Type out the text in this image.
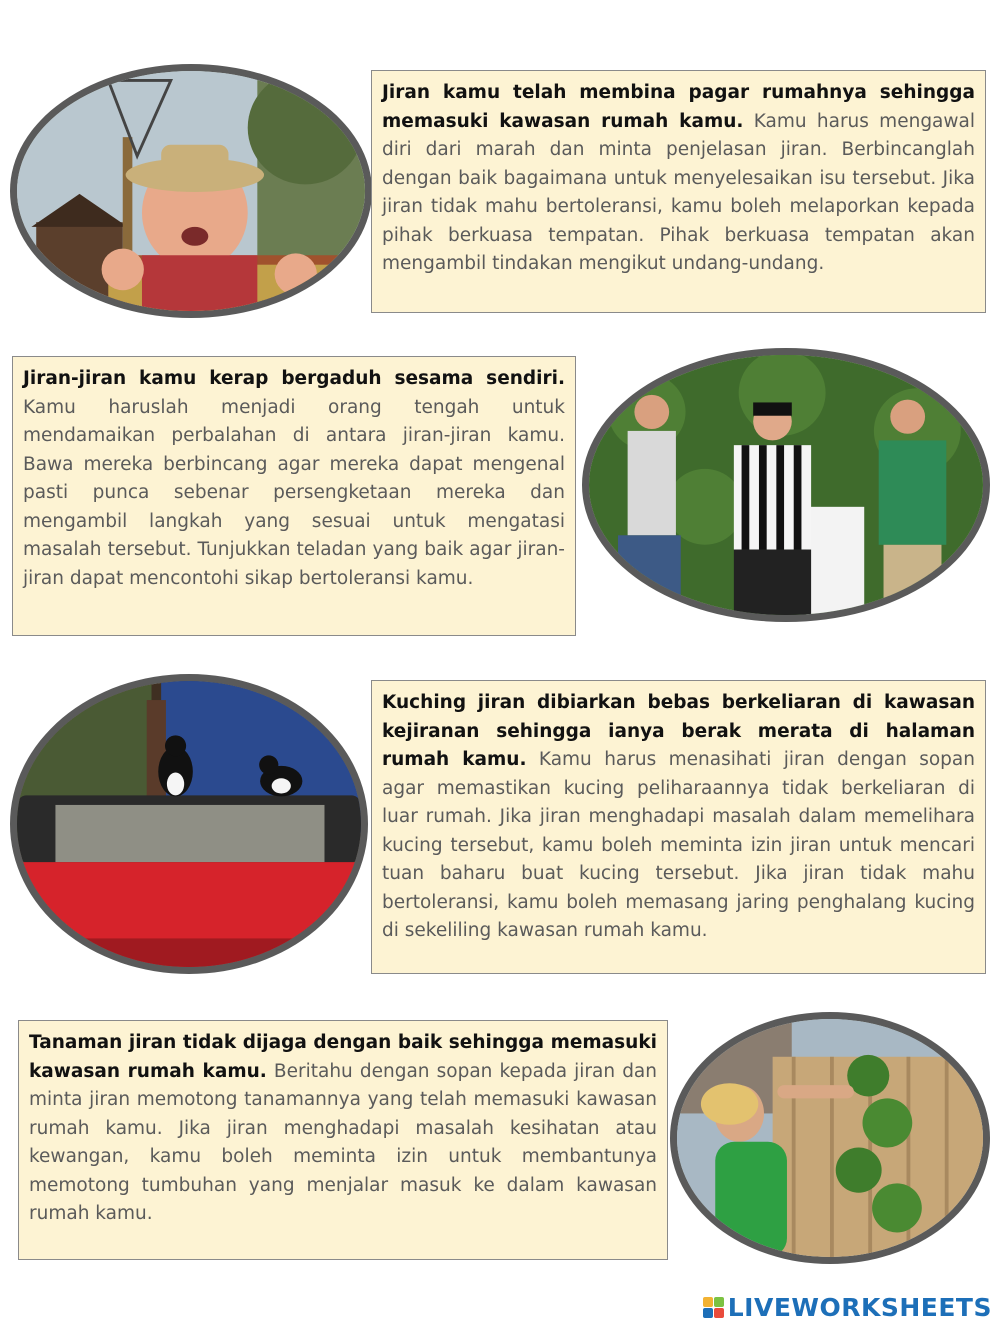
Jiran kamu telah membina pagar rumahnya sehingga memasuki kawasan rumah kamu. Kamu harus mengawal diri dari marah dan minta penjelasan jiran. Berbincanglah dengan baik bagaimana untuk menyelesaikan isu tersebut. Jika jiran tidak mahu bertoleransi, kamu boleh melaporkan kepada pihak berkuasa tempatan. Pihak berkuasa tempatan akan mengambil tindakan mengikut undang-undang.
Jiran-jiran kamu kerap bergaduh sesama sendiri. Kamu haruslah menjadi orang tengah untuk mendamaikan perbalahan di antara jiran-jiran kamu. Bawa mereka berbincang agar mereka dapat mengenal pasti punca sebenar persengketaan mereka dan mengambil langkah yang sesuai untuk mengatasi masalah tersebut. Tunjukkan teladan yang baik agar jiran-jiran dapat mencontohi sikap bertoleransi kamu.
Kuching jiran dibiarkan bebas berkeliaran di kawasan kejiranan sehingga ianya berak merata di halaman rumah kamu. Kamu harus menasihati jiran dengan sopan agar memastikan kucing peliharaannya tidak berkeliaran di luar rumah. Jika jiran menghadapi masalah dalam memelihara kucing tersebut, kamu boleh meminta izin jiran untuk mencari tuan baharu buat kucing tersebut. Jika jiran tidak mahu bertoleransi, kamu boleh memasang jaring penghalang kucing di sekeliling kawasan rumah kamu.
Tanaman jiran tidak dijaga dengan baik sehingga memasuki kawasan rumah kamu. Beritahu dengan sopan kepada jiran dan minta jiran memotong tanamannya yang telah memasuki kawasan rumah kamu. Jika jiran menghadapi masalah kesihatan atau kewangan, kamu boleh meminta izin untuk membantunya memotong tumbuhan yang menjalar masuk ke dalam kawasan rumah kamu.
LIVEWORKSHEETS
